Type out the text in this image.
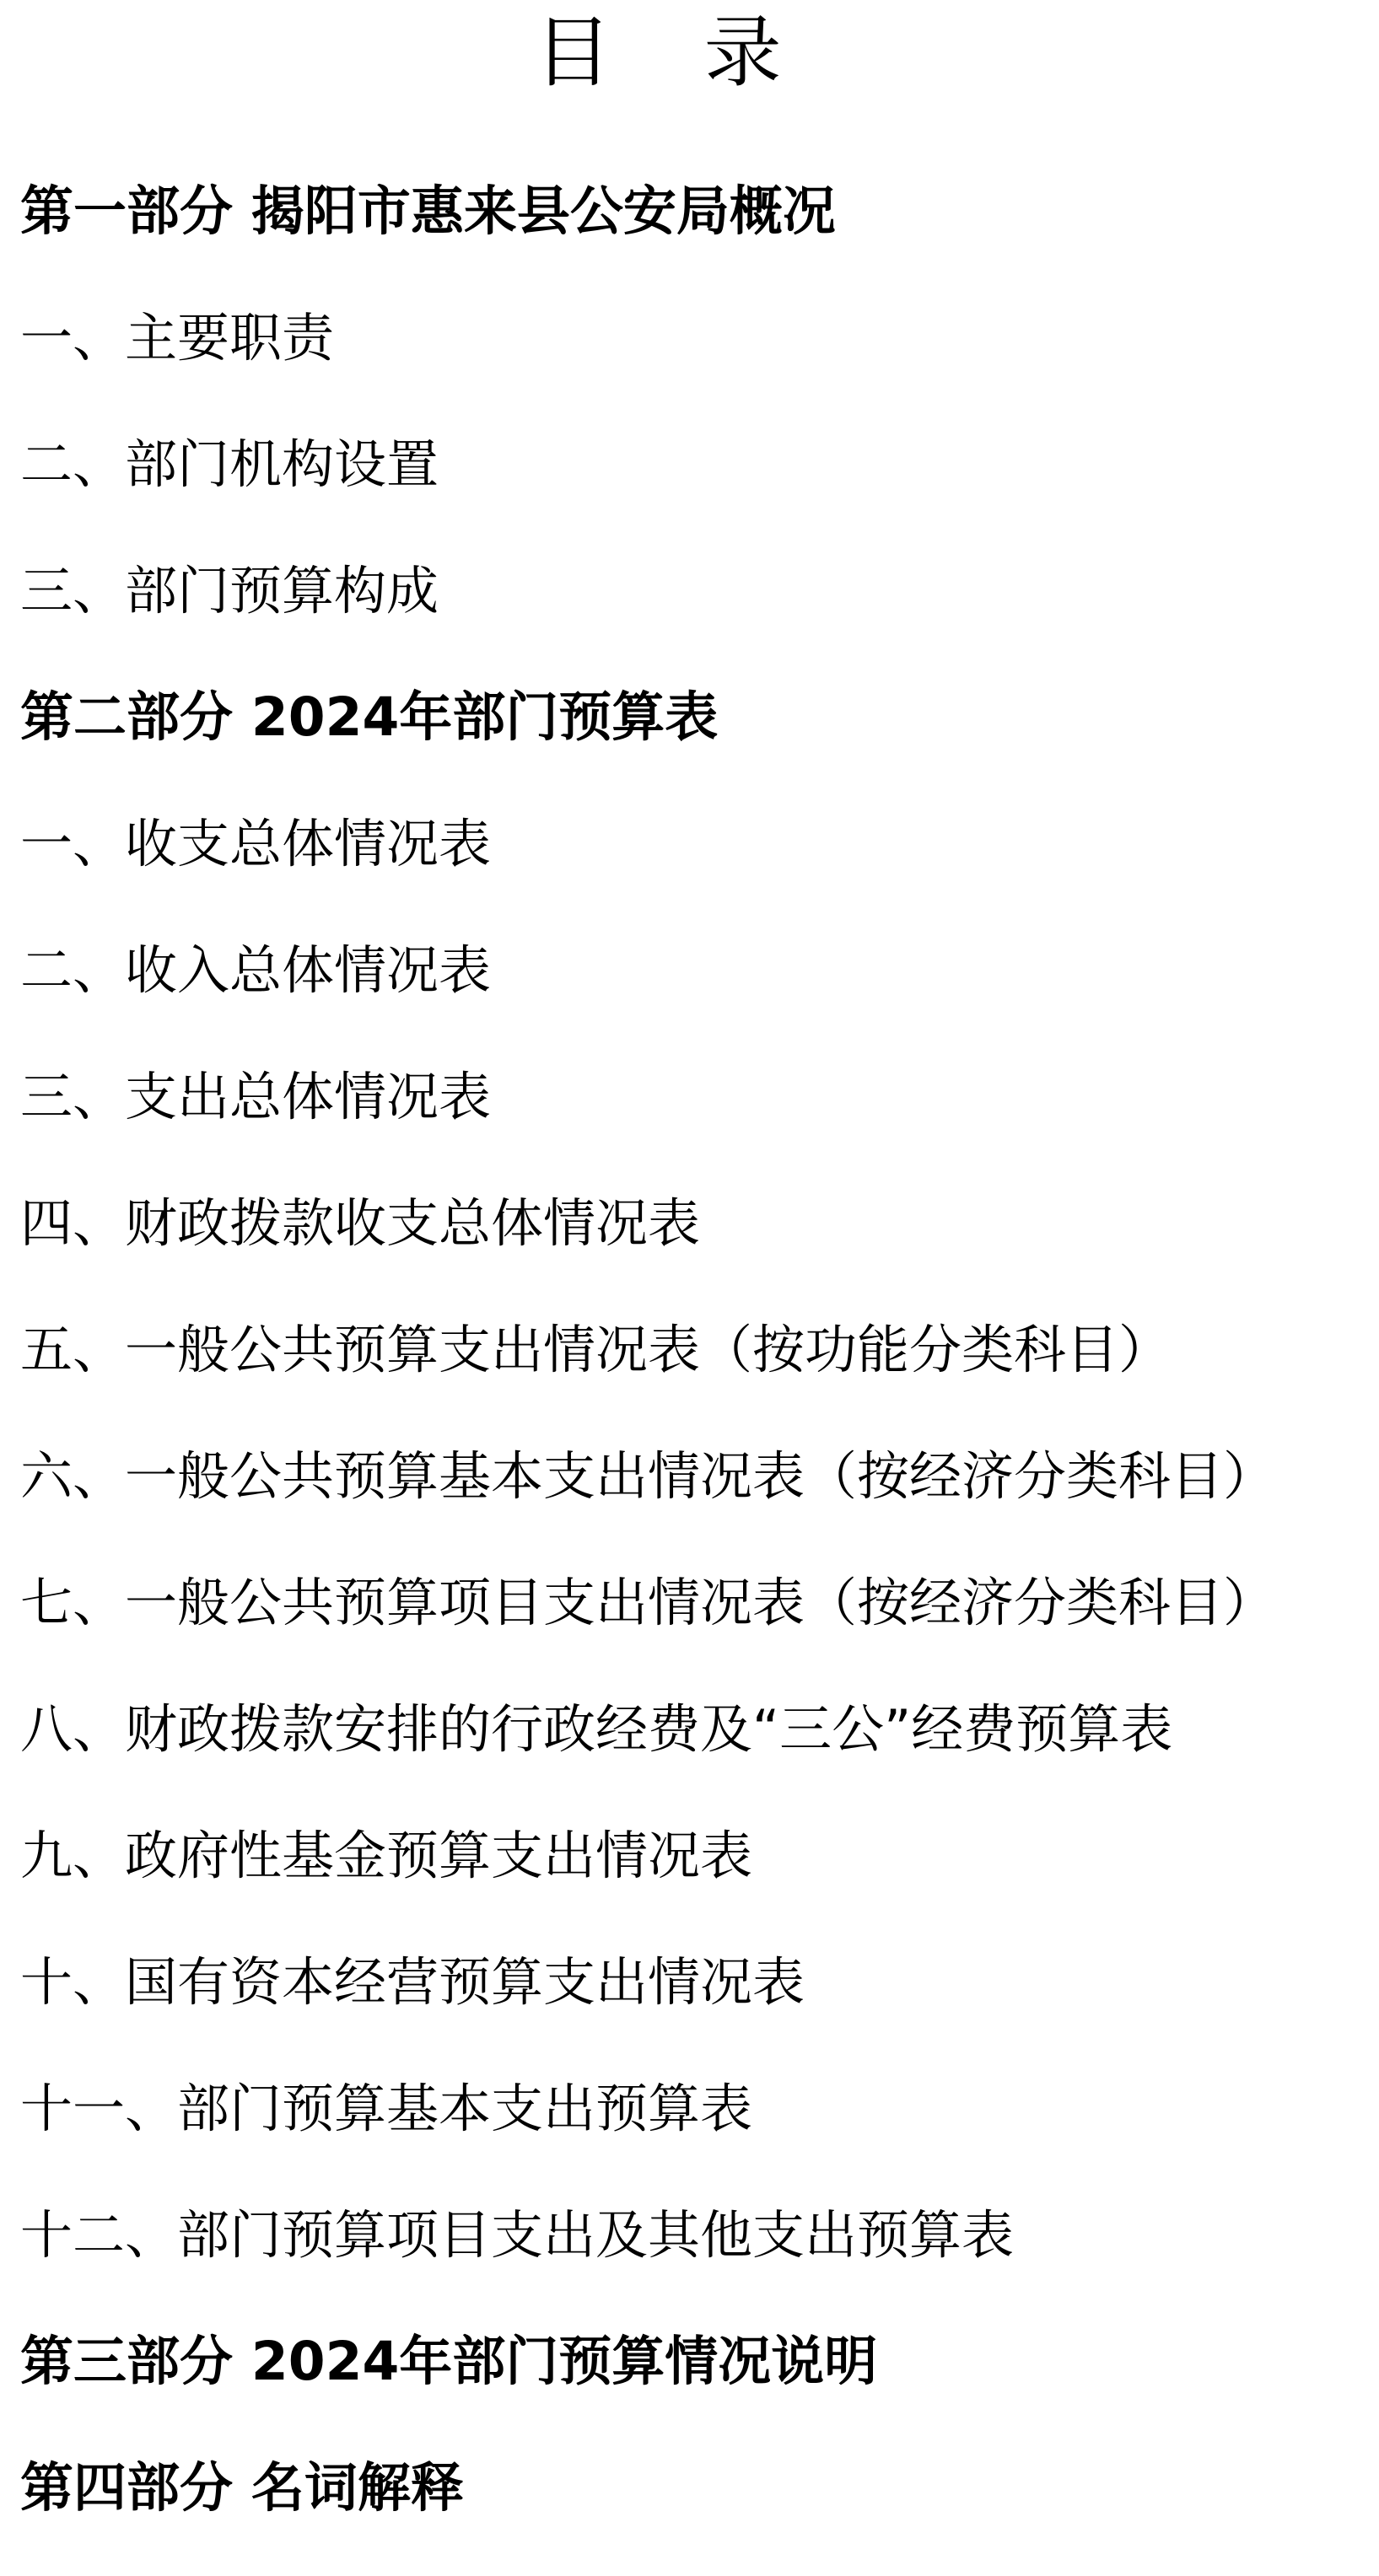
目 录
第一部分 揭阳市惠来县公安局概况
一、主要职责
二、部门机构设置
三、部门预算构成
第二部分 2024年部门预算表
一、收支总体情况表
二、收入总体情况表
三、支出总体情况表
四、财政拨款收支总体情况表
五、一般公共预算支出情况表（按功能分类科目）
六、一般公共预算基本支出情况表（按经济分类科目）
七、一般公共预算项目支出情况表（按经济分类科目）
八、财政拨款安排的行政经费及“三公”经费预算表
九、政府性基金预算支出情况表
十、国有资本经营预算支出情况表
十一、部门预算基本支出预算表
十二、部门预算项目支出及其他支出预算表
第三部分 2024年部门预算情况说明
第四部分 名词解释
